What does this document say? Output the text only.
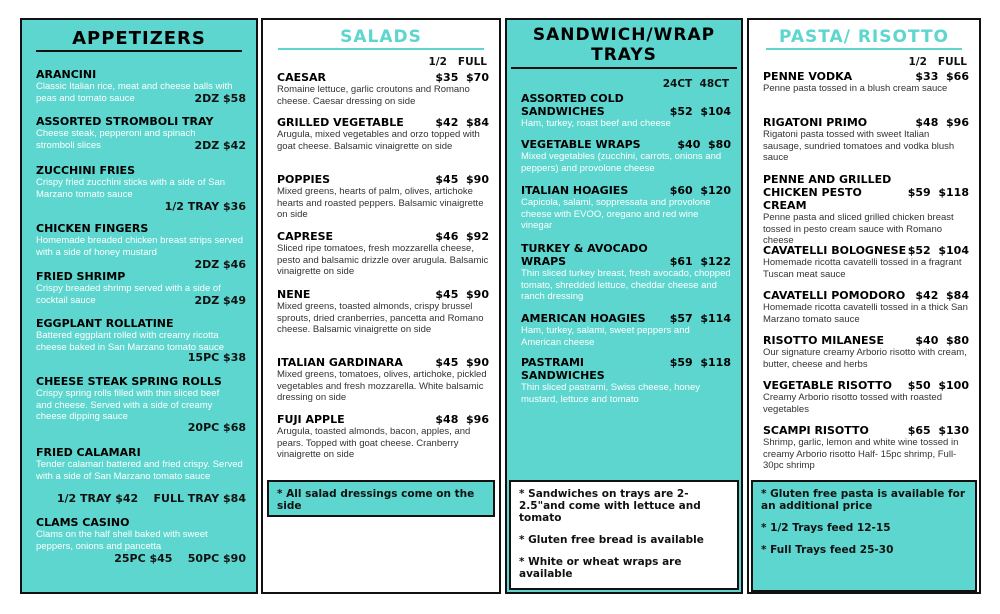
APPETIZERS
ARANCINI
Classic Italian rice, meat and cheese balls with peas and tomato sauce	2DZ $58
ASSORTED STROMBOLI TRAY
Cheese steak, pepperoni and spinach stromboli slices	2DZ $42
ZUCCHINI FRIES
Crispy fried zucchini sticks with a side of San Marzano tomato sauce
1/2 TRAY $36
CHICKEN FINGERS
Homemade breaded chicken breast strips served with a side of honey mustard
2DZ $46
FRIED SHRIMP
Crispy breaded shrimp served with a side of cocktail sauce	2DZ $49
EGGPLANT ROLLATINE
Battered eggplant rolled with creamy ricotta cheese baked in San Marzano tomato sauce
15PC $38
CHEESE STEAK SPRING ROLLS
Crispy spring rolls filled with thin sliced beef and cheese. Served with a side of creamy cheese dipping sauce
20PC $68
FRIED CALAMARI
Tender calamari battered and fried crispy. Served with a side of San Marzano tomato sauce
1/2 TRAY $42    FULL TRAY $84
CLAMS CASINO
Clams on the half shell baked with sweet peppers, onions and pancetta
25PC $45    50PC $90
SALADS
1/2   FULL
CAESAR	$35  $70
Romaine lettuce, garlic croutons and Romano cheese. Caesar dressing on side
GRILLED VEGETABLE	$42  $84
Arugula, mixed vegetables and orzo topped with goat cheese. Balsamic vinaigrette on side
POPPIES	$45  $90
Mixed greens, hearts of palm, olives, artichoke hearts and roasted peppers. Balsamic vinaigrette on side
CAPRESE	$46  $92
Sliced ripe tomatoes, fresh mozzarella cheese, pesto and balsamic drizzle over arugula. Balsamic vinaigrette on side
NENE	$45  $90
Mixed greens, toasted almonds, crispy brussel sprouts, dried cranberries, pancetta and Romano cheese. Balsamic vinaigrette on side
ITALIAN GARDINARA	$45  $90
Mixed greens, tomatoes, olives, artichoke, pickled vegetables and fresh mozzarella. White balsamic dressing on side
FUJI APPLE	$48  $96
Arugula, toasted almonds, bacon, apples, and pears. Topped with goat cheese. Cranberry vinaigrette on side
* All salad dressings come on the side
SANDWICH/WRAP TRAYS
24CT  48CT
ASSORTED COLD SANDWICHES	$52  $104
Ham, turkey, roast beef and cheese
VEGETABLE WRAPS	$40  $80
Mixed vegetables (zucchini, carrots, onions and peppers) and provolone cheese
ITALIAN HOAGIES	$60  $120
Capicola, salami, soppressata and provolone cheese with EVOO, oregano and red wine vinegar
TURKEY & AVOCADO WRAPS	$61  $122
Thin sliced turkey breast, fresh avocado, chopped tomato, shredded lettuce, cheddar cheese and ranch dressing
AMERICAN HOAGIES $57  $114
Ham, turkey, salami, sweet peppers and American cheese
PASTRAMI SANDWICHES
$59  $118
Thin sliced pastrami, Swiss cheese, honey mustard, lettuce and tomato
* Sandwiches on trays are 2-2.5"and come with lettuce and tomato
* Gluten free bread is available
* White or wheat wraps are available
PASTA/ RISOTTO
1/2   FULL
PENNE VODKA	$33  $66
Penne pasta tossed in a blush cream sauce
RIGATONI PRIMO	$48  $96
Rigatoni pasta tossed with sweet Italian sausage, sundried tomatoes and vodka blush sauce
PENNE AND GRILLED CHICKEN PESTO CREAM
$59  $118
Penne pasta and sliced grilled chicken breast tossed in pesto cream sauce with Romano cheese
CAVATELLI BOLOGNESE $52  $104
Homemade ricotta cavatelli tossed in a fragrant Tuscan meat sauce
CAVATELLI POMODORO $42  $84
Homemade ricotta cavatelli tossed in a thick San Marzano tomato sauce
RISOTTO MILANESE	$40  $80
Our signature creamy Arborio risotto with cream, butter, cheese and herbs
VEGETABLE RISOTTO $50  $100
Creamy Arborio risotto tossed with roasted vegetables
SCAMPI RISOTTO	$65  $130
Shrimp, garlic, lemon and white wine tossed in creamy Arborio risotto Half- 15pc shrimp, Full- 30pc shrimp
* Gluten free pasta is available for an additional price
* 1/2 Trays feed 12-15
* Full Trays feed 25-30
